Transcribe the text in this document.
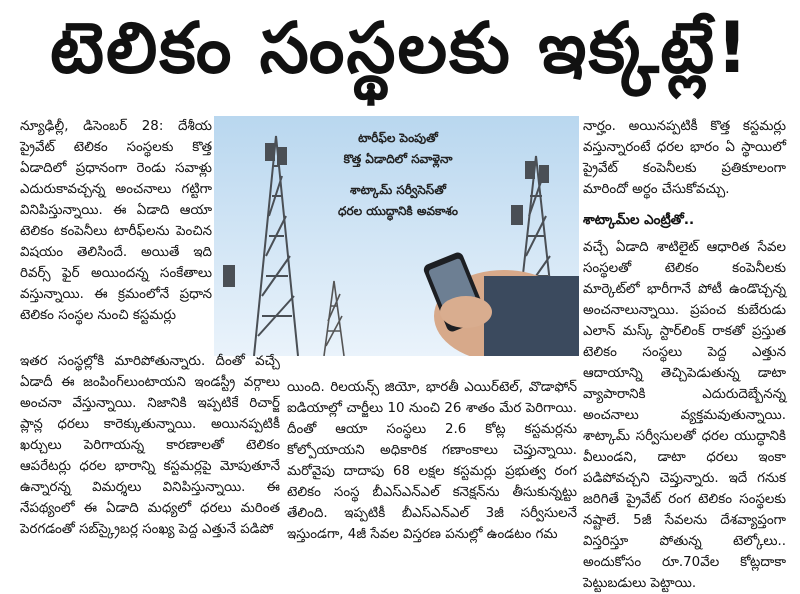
టెలికం సంస్థలకు ఇక్కట్లే!
టారీఫ్‌ల పెంపుతో
కొత్త ఏడాదిలో సవాళ్లెనా
శాట్కామ్ సర్వీసెస్‌తో
ధరల యుద్ధానికి అవకాశం

న్యూఢిల్లీ, డిసెంబర్ 28: దేశీయ ప్రైవేట్ టెలికం సంస్థలకు కొత్త ఏడాదిలో ప్రధానంగా రెండు సవాళ్లు ఎదురుకావచ్చన్న అంచనాలు గట్టిగా వినిపిస్తున్నాయి. ఈ ఏడాది ఆయా టెలికం కంపెనీలు టారీఫ్‌లను పెంచిన విషయం తెలిసిందే. అయితే ఇది రివర్స్ ఫైర్ అయిందన్న సంకేతాలు వస్తున్నాయి. ఈ క్రమంలోనే ప్రధాన టెలికం సంస్థల నుంచి కస్టమర్లు

ఇతర సంస్థల్లోకి మారిపోతున్నారు. దీంతో వచ్చే ఏడాదీ ఈ జంపింగ్‌లుంటాయని ఇండస్ట్రీ వర్గాలు అంచనా వేస్తున్నాయి. నిజానికి ఇప్పటికే రిచార్జ్ ప్లాన్ల ధరలు కారెక్కుతున్నాయి. అయినప్పటికీ ఖర్చులు పెరిగాయన్న కారణాలతో టెలికం ఆపరేటర్లు ధరల భారాన్ని కస్టమర్లపై మోపుతూనే ఉన్నారన్న విమర్శలు వినిపిస్తున్నాయి. ఈ నేపథ్యంలో ఈ ఏడాది మధ్యలో ధరలు మరింత పెరగడంతో సబ్‌స్క్రైబర్ల సంఖ్య పెద్ద ఎత్తునే పడిపో

యింది. రిలయన్స్ జియో, భారతీ ఎయిర్‌టెల్, వొడాఫోన్ ఐడియాల్లో చార్జీలు 10 నుంచి 26 శాతం మేర పెరిగాయి. దీంతో ఆయా సంస్థలు 2.6 కోట్ల కస్టమర్లను కోల్పోయాయని అధికారిక గణాంకాలు చెప్తున్నాయి. మరోవైపు దాదాపు 68 లక్షల కస్టమర్లు ప్రభుత్వ రంగ టెలికం సంస్థ బీఎస్‌ఎన్‌ఎల్ కనెక్షన్‌ను తీసుకున్నట్టు తేలింది. ఇప్పటికీ బీఎస్‌ఎన్‌ఎల్ 3జీ సర్వీసులనే ఇస్తుండగా, 4జీ సేవల విస్తరణ పనుల్లో ఉండటం గమ

నార్హం. అయినప్పటికీ కొత్త కస్టమర్లు వస్తున్నారంటే ధరల భారం ఏ స్థాయిలో ప్రైవేట్ కంపెనీలకు ప్రతికూలంగా మారిందో అర్థం చేసుకోవచ్చు.

శాట్కామ్‌ల ఎంట్రీతో..

వచ్చే ఏడాది శాటిలైట్ ఆధారిత సేవల సంస్థలతో టెలికం కంపెనీలకు మార్కెట్‌లో భారీగానే పోటీ ఉండొచ్చన్న అంచనాలున్నాయి. ప్రపంచ కుబేరుడు ఎలాన్ మస్క్ స్టార్‌లింక్ రాకతో ప్రస్తుత టెలికం సంస్థలు పెద్ద ఎత్తున ఆదాయాన్ని తెచ్చిపెడుతున్న డాటా వ్యాపారానికి ఎదురుదెబ్బేనన్న అంచనాలు వ్యక్తమవుతున్నాయి. శాట్కామ్ సర్వీసులతో ధరల యుద్ధానికి వీలుండని, డాటా ధరలు ఇంకా పడిపోవచ్చని చెప్తున్నారు. ఇదే గనుక జరిగితే ప్రైవేట్ రంగ టెలికం సంస్థలకు నష్టాలే. 5జీ సేవలను దేశవ్యాప్తంగా విస్తరిస్తూ పోతున్న టెల్కోలు.. అందుకోసం రూ.70వేల కోట్లదాకా పెట్టుబడులు పెట్టాయి.
